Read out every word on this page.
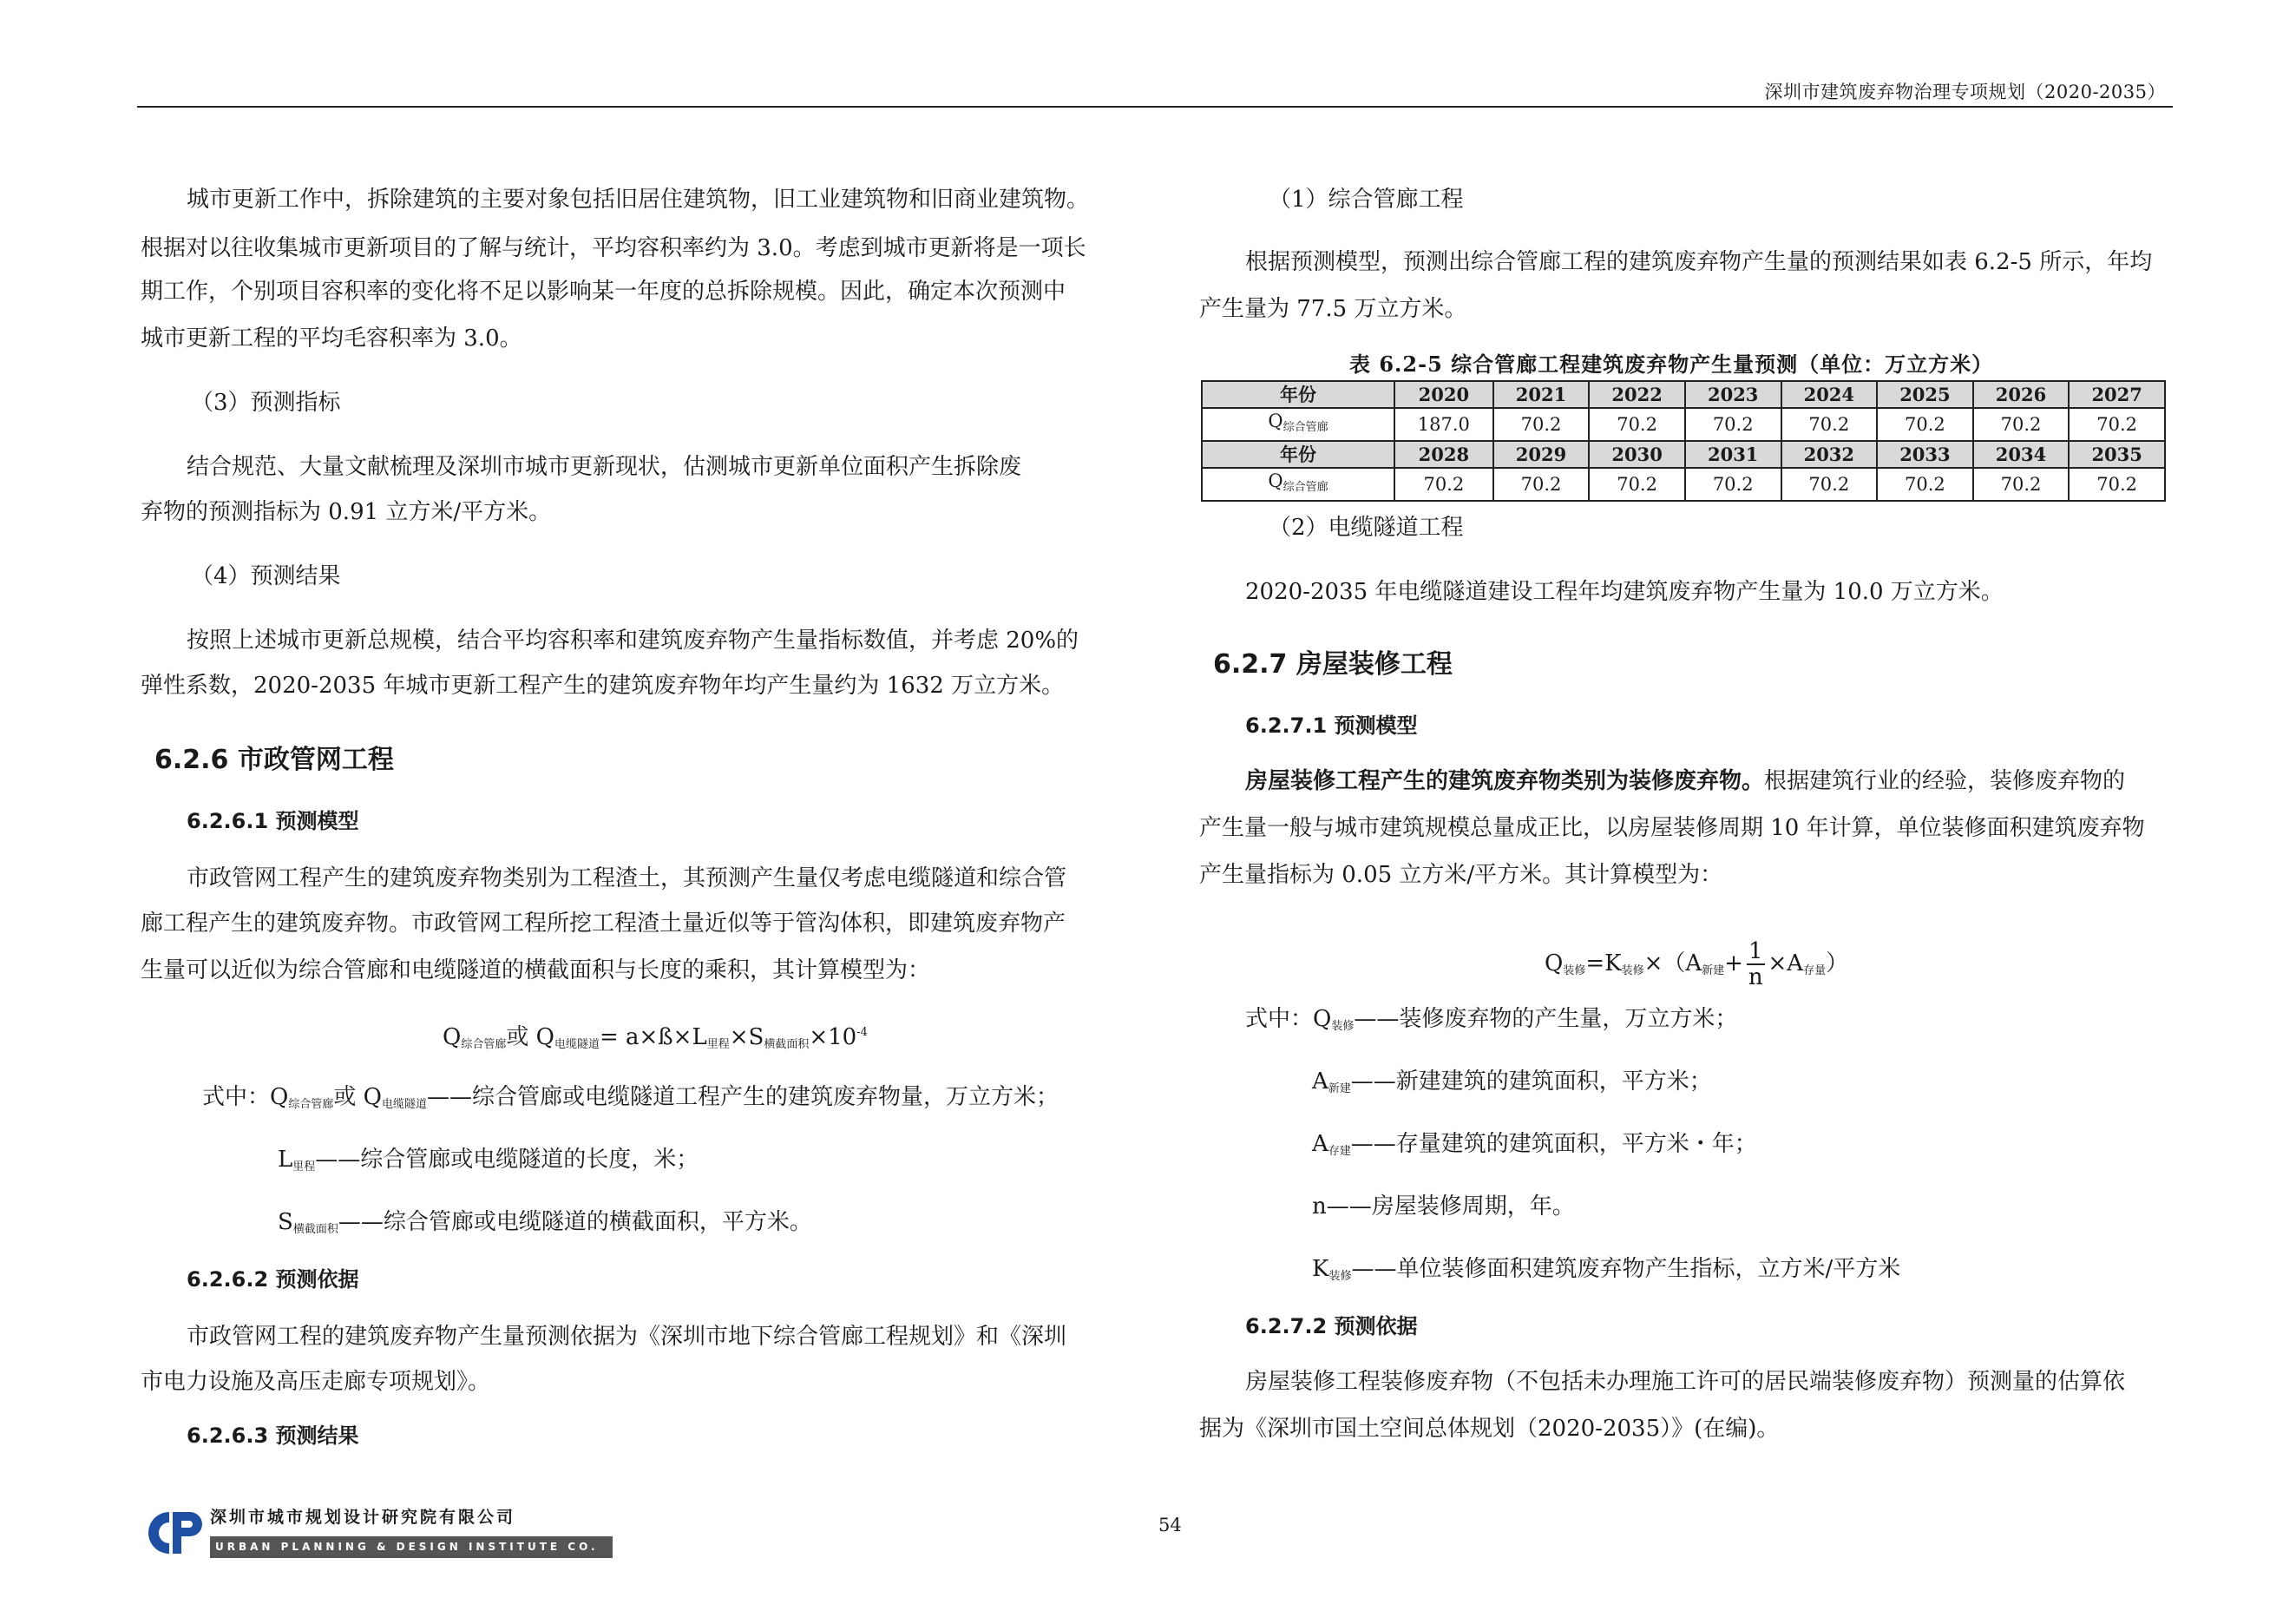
深圳市建筑废弃物治理专项规划（2020-2035）
城市更新工作中，拆除建筑的主要对象包括旧居住建筑物，旧工业建筑物和旧商业建筑物。
根据对以往收集城市更新项目的了解与统计，平均容积率约为 3.0。考虑到城市更新将是一项长
期工作，个别项目容积率的变化将不足以影响某一年度的总拆除规模。因此，确定本次预测中
城市更新工程的平均毛容积率为 3.0。
（3）预测指标
结合规范、大量文献梳理及深圳市城市更新现状，估测城市更新单位面积产生拆除废
弃物的预测指标为 0.91 立方米/平方米。
（4）预测结果
按照上述城市更新总规模，结合平均容积率和建筑废弃物产生量指标数值，并考虑 20%的
弹性系数，2020-2035 年城市更新工程产生的建筑废弃物年均产生量约为 1632 万立方米。
6.2.6 市政管网工程
6.2.6.1 预测模型
市政管网工程产生的建筑废弃物类别为工程渣土，其预测产生量仅考虑电缆隧道和综合管
廊工程产生的建筑废弃物。市政管网工程所挖工程渣土量近似等于管沟体积，即建筑废弃物产
生量可以近似为综合管廊和电缆隧道的横截面积与长度的乘积，其计算模型为：
$Q_{综合管廊}$或 $Q_{电缆隧道}=$ $a\times ß\times L_{里程}\times S_{横截面积}\times 10^{-4}$
式中：$Q_{综合管廊}$或 $Q_{电缆隧道}——$综合管廊或电缆隧道工程产生的建筑废弃物量，万立方米；
$L_{里程}——$综合管廊或电缆隧道的长度，米；
$S_{横截面积}——$综合管廊或电缆隧道的横截面积，平方米。
6.2.6.2 预测依据
市政管网工程的建筑废弃物产生量预测依据为《深圳市地下综合管廊工程规划》和《深圳
市电力设施及高压走廊专项规划》。
6.2.6.3 预测结果
（1）综合管廊工程
根据预测模型，预测出综合管廊工程的建筑废弃物产生量的预测结果如表 6.2-5 所示，年均
产生量为 77.5 万立方米。
表 6.2-5 综合管廊工程建筑废弃物产生量预测（单位：万立方米）
年份	2020	2021	2022	2023	2024	2025	2026	2027
$Q_{综合管廊}$	187.0	70.2	70.2	70.2	70.2	70.2	70.2	70.2
年份	2028	2029	2030	2031	2032	2033	2034	2035
$Q_{综合管廊}$	70.2	70.2	70.2	70.2	70.2	70.2	70.2	70.2
（2）电缆隧道工程
2020-2035 年电缆隧道建设工程年均建筑废弃物产生量为 10.0 万立方米。
6.2.7 房屋装修工程
6.2.7.1 预测模型
房屋装修工程产生的建筑废弃物类别为装修废弃物。根据建筑行业的经验，装修废弃物的
产生量一般与城市建筑规模总量成正比，以房屋装修周期 10 年计算，单位装修面积建筑废弃物
产生量指标为 0.05 立方米/平方米。其计算模型为：
$Q_{装修}=K_{装修}\times(A_{新建}+ \frac{1}{n} \times A_{存量})$
式中：$Q_{装修}——$装修废弃物的产生量，万立方米；
$A_{新建}——$新建建筑的建筑面积，平方米；
$A_{存建}——$存量建筑的建筑面积，平方米・年；
n——房屋装修周期，年。
$K_{装修}——$单位装修面积建筑废弃物产生指标，立方米/平方米
6.2.7.2 预测依据
房屋装修工程装修废弃物（不包括未办理施工许可的居民端装修废弃物）预测量的估算依
据为《深圳市国土空间总体规划（2020-2035）》(在编)。
深圳市城市规划设计研究院有限公司
URBAN PLANNING & DESIGN INSTITUTE CO. OF SHENZHEN
54
